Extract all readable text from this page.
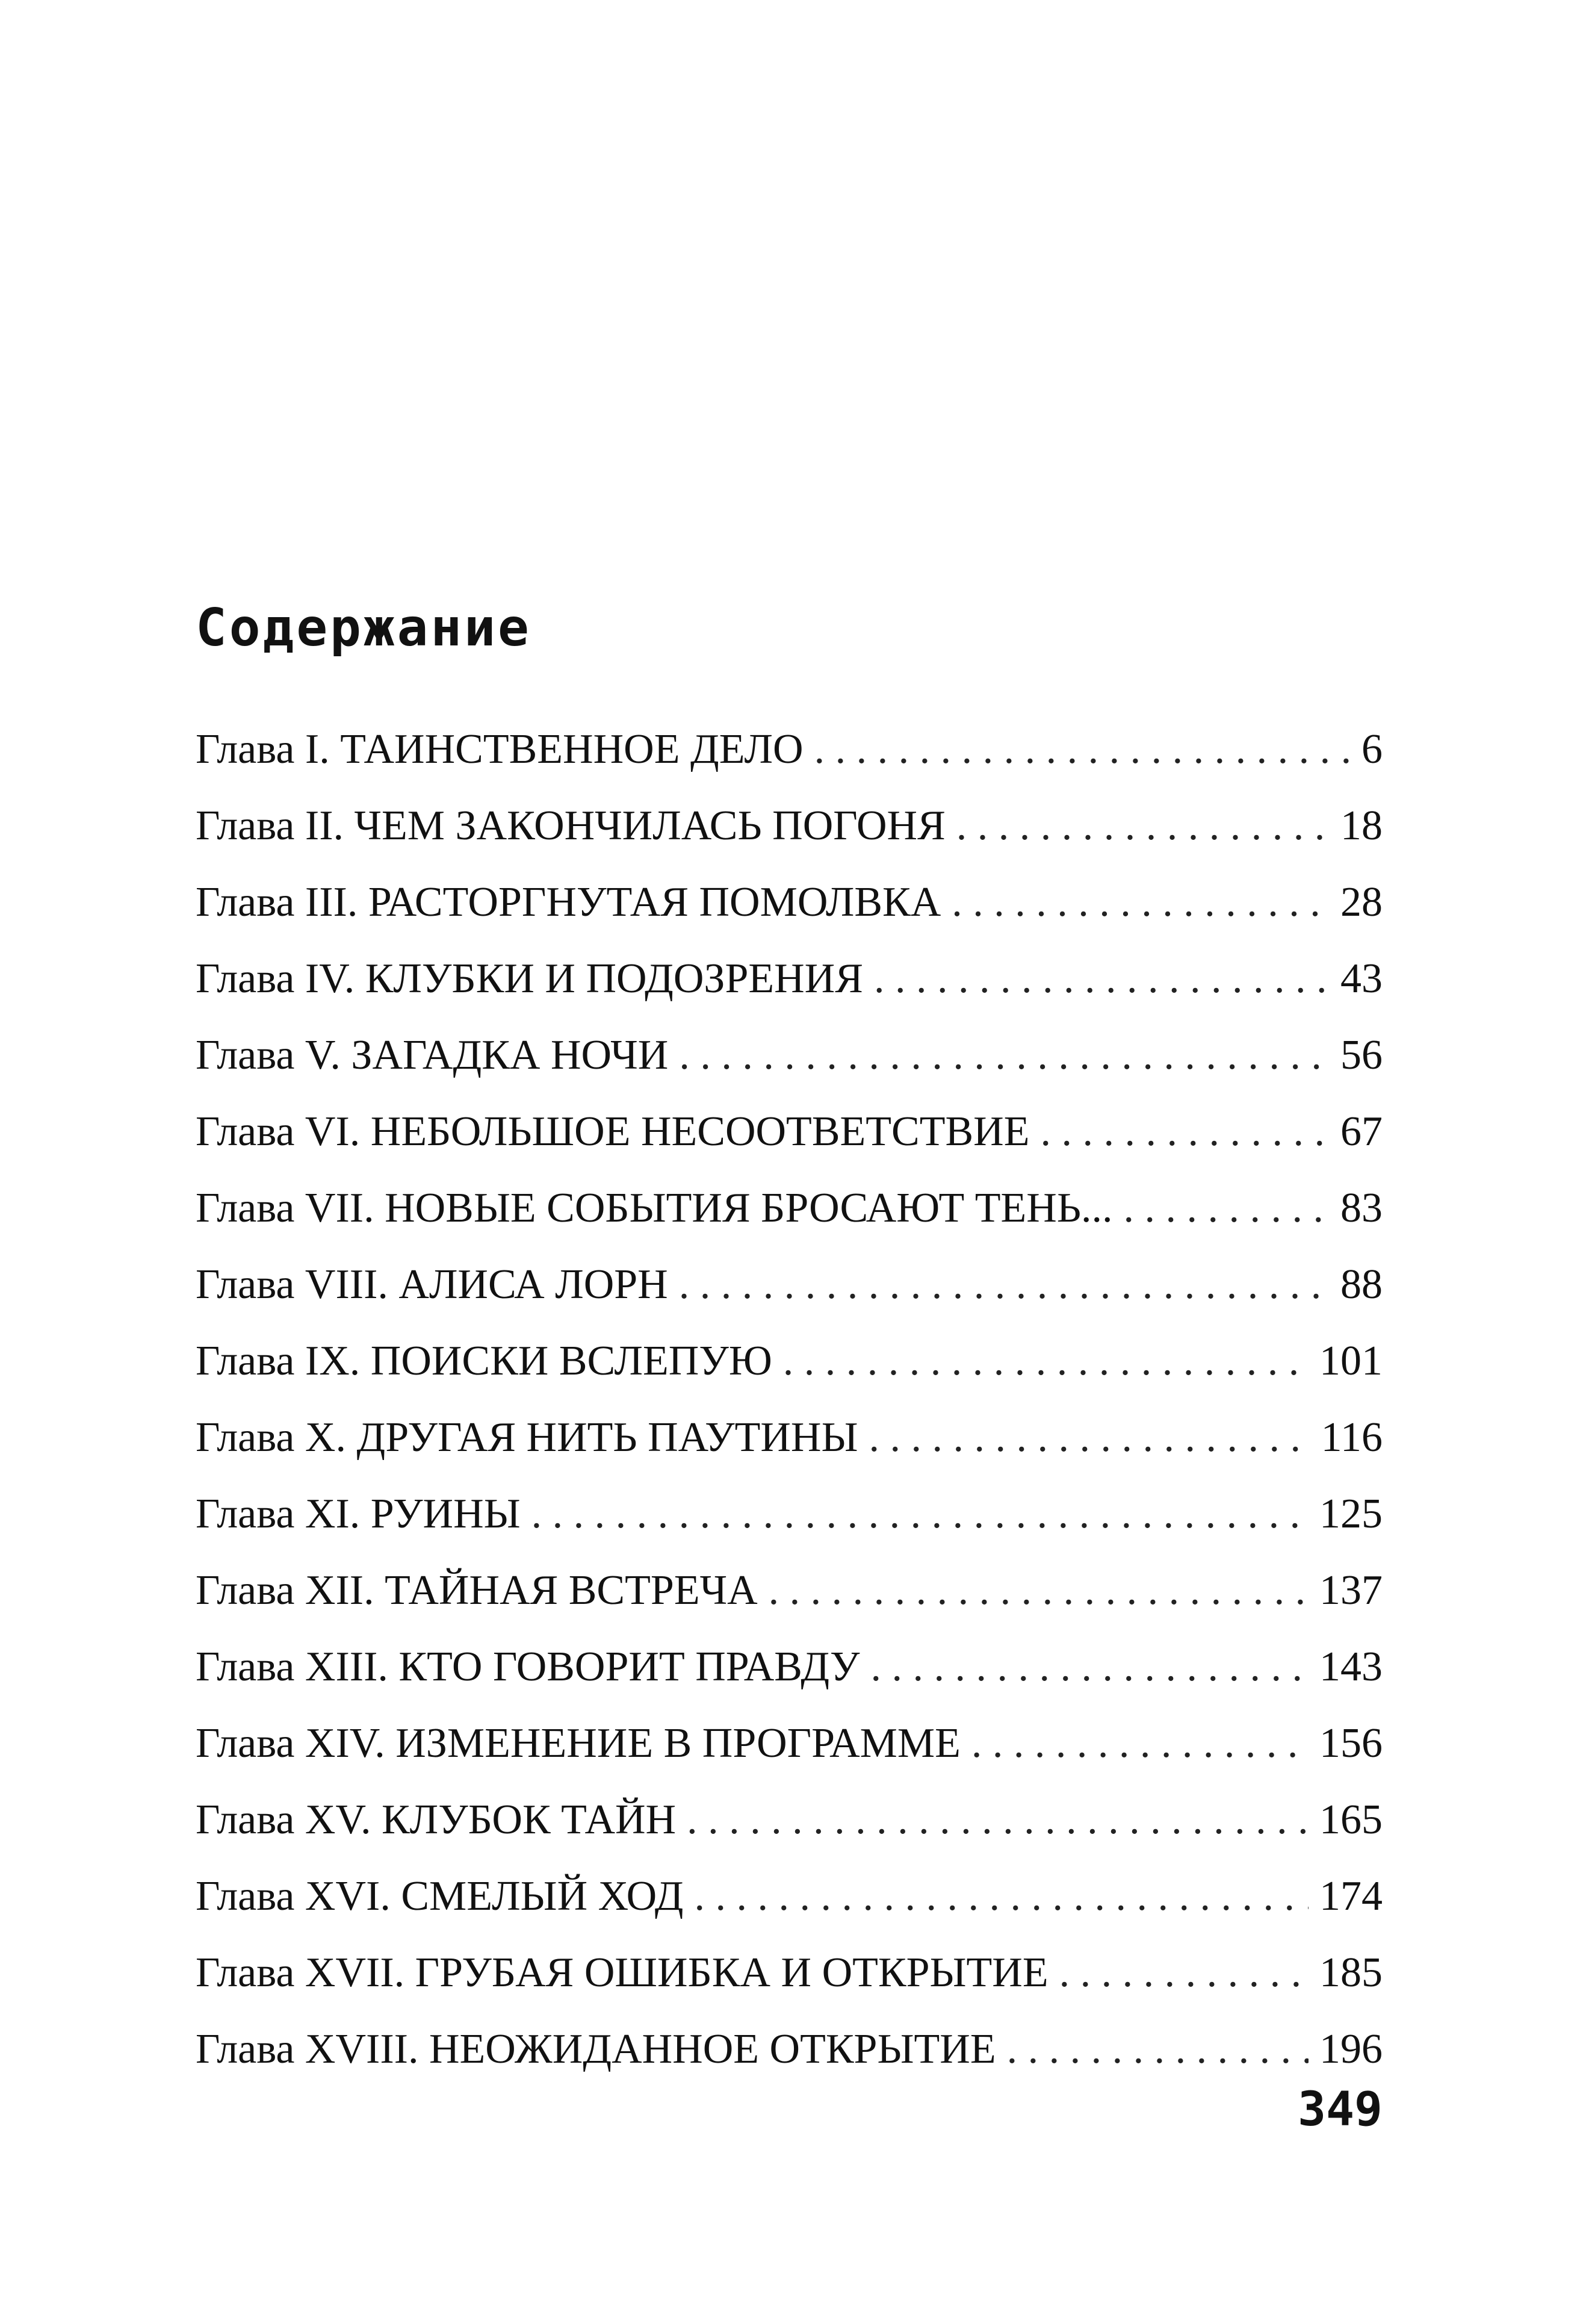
Содержание
Глава I. ТАИНСТВЕННОЕ ДЕЛО . . .	6
Глава II. ЧЕМ ЗАКОНЧИЛАСЬ ПОГОНЯ . . .	18
Глава III. РАСТОРГНУТАЯ ПОМОЛВКА . . .	28
Глава IV. КЛУБКИ И ПОДОЗРЕНИЯ . . .	43
Глава V. ЗАГАДКА НОЧИ . . .	56
Глава VI. НЕБОЛЬШОЕ НЕСООТВЕТСТВИЕ . . .	67
Глава VII. НОВЫЕ СОБЫТИЯ БРОСАЮТ ТЕНЬ... . . .	83
Глава VIII. АЛИСА ЛОРН . . .	88
Глава IX. ПОИСКИ ВСЛЕПУЮ . . .	101
Глава X. ДРУГАЯ НИТЬ ПАУТИНЫ . . .	116
Глава XI. РУИНЫ . . .	125
Глава XII. ТАЙНАЯ ВСТРЕЧА . . .	137
Глава XIII. КТО ГОВОРИТ ПРАВДУ . . .	143
Глава XIV. ИЗМЕНЕНИЕ В ПРОГРАММЕ . . .	156
Глава XV. КЛУБОК ТАЙН . . .	165
Глава XVI. СМЕЛЫЙ ХОД . . .	174
Глава XVII. ГРУБАЯ ОШИБКА И ОТКРЫТИЕ . . .	185
Глава XVIII. НЕОЖИДАННОЕ ОТКРЫТИЕ . . .	196
349
